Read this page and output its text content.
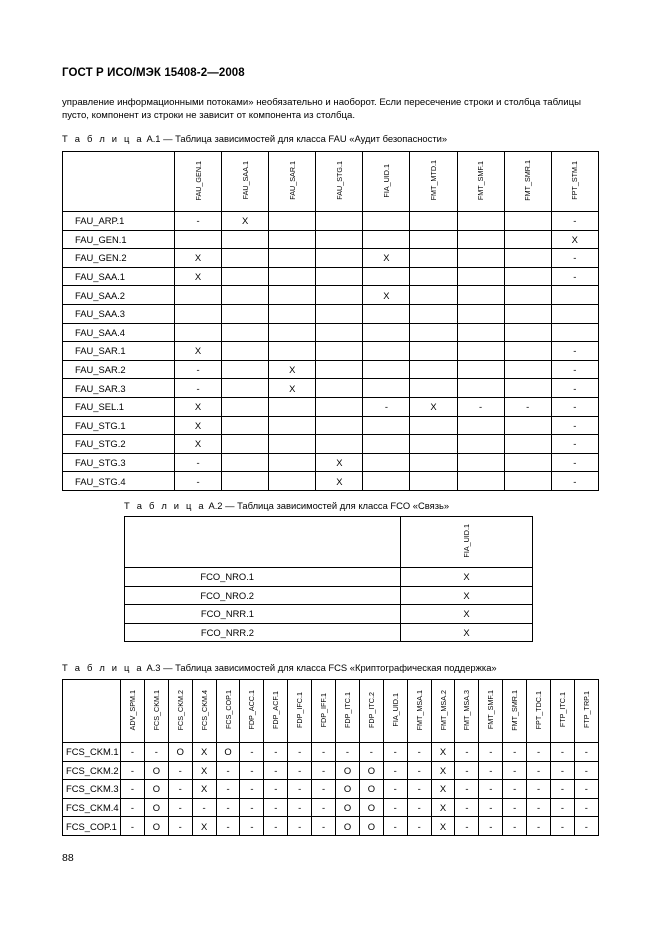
ГОСТ Р ИСО/МЭК 15408-2—2008
управление информационными потоками» необязательно и наоборот. Если пересечение строки и столбца таблицы пусто, компонент из строки не зависит от компонента из столбца.
Т а б л и ц а A.1 — Таблица зависимостей для класса FAU «Аудит безопасности»
	FAU_GEN.1	FAU_SAA.1	FAU_SAR.1	FAU_STG.1	FIA_UID.1	FMT_MTD.1	FMT_SMF.1	FMT_SMR.1	FPT_STM.1
FAU_ARP.1	-	X							-
FAU_GEN.1									X
FAU_GEN.2	X				X				-
FAU_SAA.1	X								-
FAU_SAA.2					X				
FAU_SAA.3									
FAU_SAA.4									
FAU_SAR.1	X								-
FAU_SAR.2	-		X						-
FAU_SAR.3	-		X						-
FAU_SEL.1	X				-	X	-	-	-
FAU_STG.1	X								-
FAU_STG.2	X								-
FAU_STG.3	-			X					-
FAU_STG.4	-			X					-
Т а б л и ц а A.2 — Таблица зависимостей для класса FCO «Связь»
	FIA_UID.1
FCO_NRO.1	X
FCO_NRO.2	X
FCO_NRR.1	X
FCO_NRR.2	X
Т а б л и ц а A.3 — Таблица зависимостей для класса FCS «Криптографическая поддержка»
	ADV_SPM.1	FCS_CKM.1	FCS_CKM.2	FCS_CKM.4	FCS_COP.1	FDP_ACC.1	FDP_ACF.1	FDP_IFC.1	FDP_IFF.1	FDP_ITC.1	FDP_ITC.2	FIA_UID.1	FMT_MSA.1	FMT_MSA.2	FMT_MSA.3	FMT_SMF.1	FMT_SMR.1	FPT_TDC.1	FTP_ITC.1	FTP_TRP.1
FCS_CKM.1	-	-	O	X	O	-	-	-	-	-	-	-	-	X	-	-	-	-	-	-
FCS_CKM.2	-	O	-	X	-	-	-	-	-	O	O	-	-	X	-	-	-	-	-	-
FCS_CKM.3	-	O	-	X	-	-	-	-	-	O	O	-	-	X	-	-	-	-	-	-
FCS_CKM.4	-	O	-	-	-	-	-	-	-	O	O	-	-	X	-	-	-	-	-	-
FCS_COP.1	-	O	-	X	-	-	-	-	-	O	O	-	-	X	-	-	-	-	-	-
88
